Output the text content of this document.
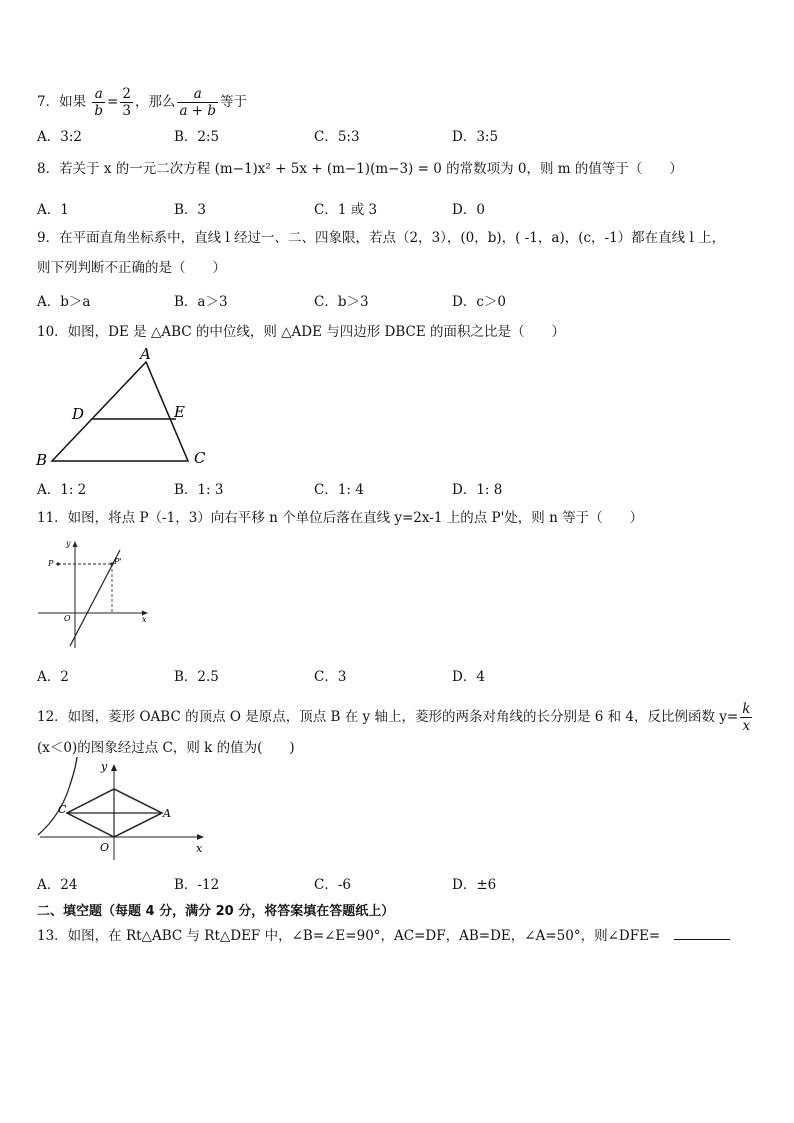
7．如果 $\frac{a}{b} = \frac{2}{3}$ ，那么 $\frac{a}{a + b}$ 等于
A．3:2	B．2:5	C．5:3	D．3:5
8．若关于 x 的一元二次方程 (m−1)x² + 5x + (m−1)(m−3) = 0 的常数项为 0，则 m 的值等于（　　）
A．1	B．3	C．1 或 3	D．0
9．在平面直角坐标系中，直线 l 经过一、二、四象限，若点（2，3），(0，b)，( -1，a)，(c，-1）都在直线 l 上，
则下列判断不正确的是（　　）
A．b＞a	B．a＞3	C．b＞3	D．c＞0
10．如图，DE 是 △ABC 的中位线，则 △ADE 与四边形 DBCE 的面积之比是（　　）
A
D	E
B	C
A．1: 2	B．1: 3	C．1: 4	D．1: 8
11．如图，将点 P（-1，3）向右平移 n 个单位后落在直线 y=2x-1 上的点 P'处，则 n 等于（　　）
P	P'
y
x
O
A．2	B．2.5	C．3	D．4
12．如图，菱形 OABC 的顶点 O 是原点，顶点 B 在 y 轴上，菱形的两条对角线的长分别是 6 和 4，反比例函数 $y= \frac{k}{x}$
(x＜0)的图象经过点 C，则 k 的值为(　　)
y
C	A
O	x
A．24	B．-12	C．-6	D．±6
二、填空题（每题 4 分，满分 20 分，将答案填在答题纸上）
13．如图，在 Rt△ABC 与 Rt△DEF 中，∠B=∠E=90°，AC=DF，AB=DE，∠A=50°，则∠DFE=
